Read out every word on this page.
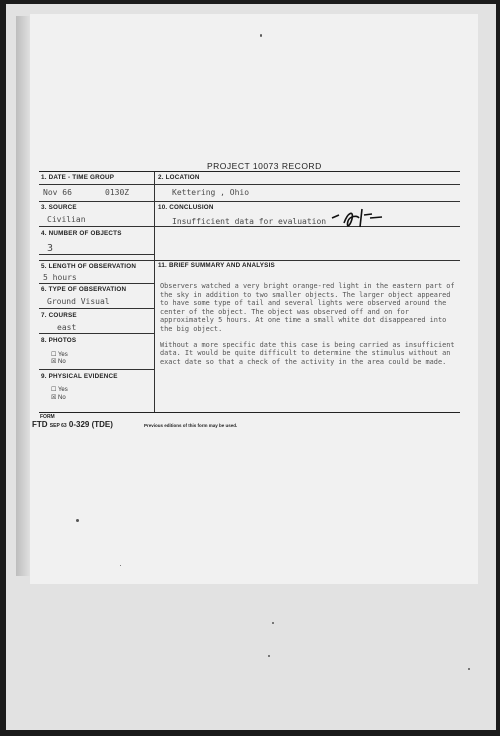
PROJECT 10073 RECORD
1. DATE - TIME GROUP
Nov 66	0130Z
2. LOCATION
Kettering , Ohio
3. SOURCE
Civilian
10. CONCLUSION
Insufficient data for evaluation
4. NUMBER OF OBJECTS
3
5. LENGTH OF OBSERVATION
5 hours
6. TYPE OF OBSERVATION
Ground Visual
7. COURSE
east
8. PHOTOS
☐ Yes
☒ No
9. PHYSICAL EVIDENCE
☐ Yes
☒ No
11. BRIEF SUMMARY AND ANALYSIS

Observers watched a very bright orange-red light in the eastern part of the sky in addition to two smaller objects. The larger object appeared to have some type of tail and several lights were observed around the center of the object. The object was observed off and on for approximately 5 hours. At one time a small white dot disappeared into the big object.

Without a more specific date this case is being carried as insufficient data. It would be quite difficult to determine the stimulus without an exact date so that a check of the activity in the area could be made.

FORM
FTD SEP 63 0-329 (TDE)	Previous editions of this form may be used.
